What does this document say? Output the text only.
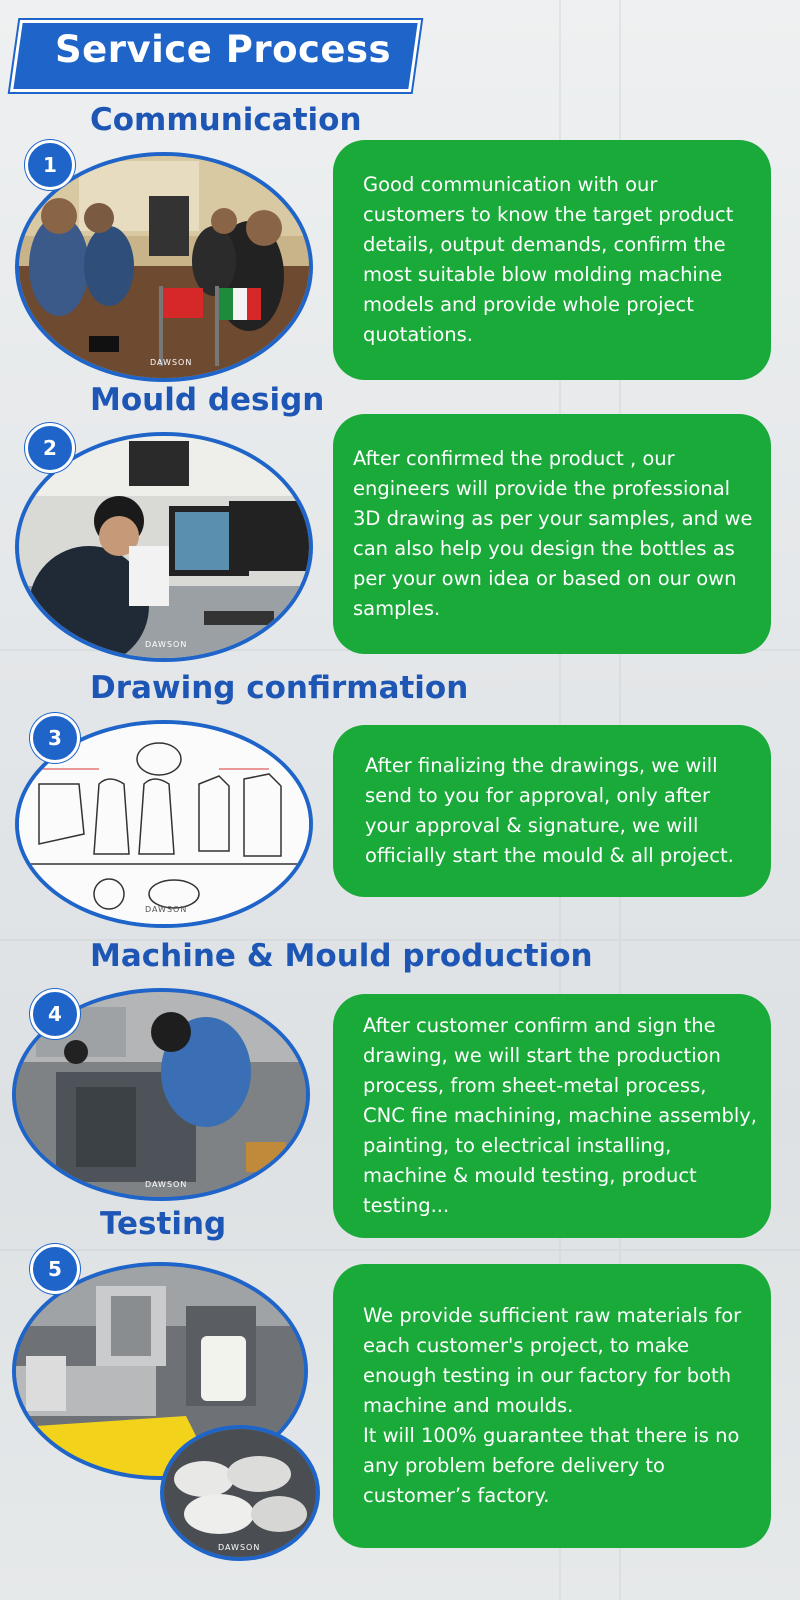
Service Process
Communication
DAWSON
1

Good communication with our
customers to know the target product
details, output demands, confirm the
most suitable blow molding machine
models and provide whole project
quotations.

Mould design
DAWSON
2	After confirmed the product , our
engineers will provide the professional
3D drawing as per your samples, and we
can also help you design the bottles as
per your own idea or based on our own
samples.

Drawing confirmation
DAWSON
3

After finalizing the drawings, we will
send to you for approval, only after
your approval & signature, we will
officially start the mould & all project.

Machine & Mould production
DAWSON
4	After customer confirm and sign the
drawing, we will start the production
process, from sheet-metal process,
CNC fine machining, machine assembly,
painting, to electrical installing,
machine & mould testing, product
testing...

Testing
DAWSON
5

We provide sufficient raw materials for
each customer's project, to make
enough testing in our factory for both
machine and moulds.
It will 100% guarantee that there is no
any problem before delivery to
customer’s factory.
